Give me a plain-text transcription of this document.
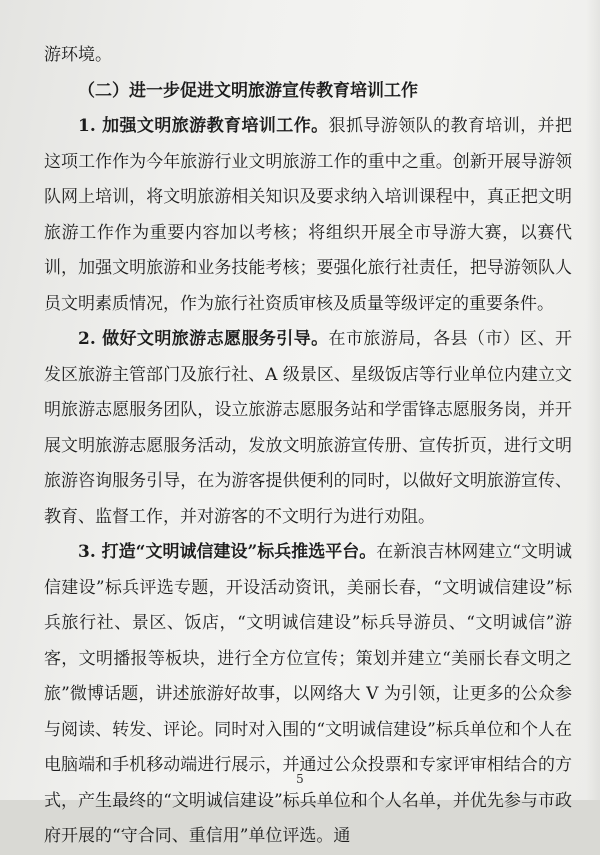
游环境。

（二）进一步促进文明旅游宣传教育培训工作

1. 加强文明旅游教育培训工作。狠抓导游领队的教育培训，并把这项工作作为今年旅游行业文明旅游工作的重中之重。创新开展导游领队网上培训，将文明旅游相关知识及要求纳入培训课程中，真正把文明旅游工作作为重要内容加以考核；将组织开展全市导游大赛，以赛代训，加强文明旅游和业务技能考核；要强化旅行社责任，把导游领队人员文明素质情况，作为旅行社资质审核及质量等级评定的重要条件。

2. 做好文明旅游志愿服务引导。在市旅游局，各县（市）区、开发区旅游主管部门及旅行社、A 级景区、星级饭店等行业单位内建立文明旅游志愿服务团队，设立旅游志愿服务站和学雷锋志愿服务岗，并开展文明旅游志愿服务活动，发放文明旅游宣传册、宣传折页，进行文明旅游咨询服务引导，在为游客提供便利的同时，以做好文明旅游宣传、教育、监督工作，并对游客的不文明行为进行劝阻。

3. 打造“文明诚信建设”标兵推选平台。在新浪吉林网建立“文明诚信建设”标兵评选专题，开设活动资讯，美丽长春，“文明诚信建设”标兵旅行社、景区、饭店，“文明诚信建设”标兵导游员、“文明诚信”游客，文明播报等板块，进行全方位宣传；策划并建立“美丽长春文明之旅”微博话题，讲述旅游好故事，以网络大 V 为引领，让更多的公众参与阅读、转发、评论。同时对入围的“文明诚信建设”标兵单位和个人在电脑端和手机移动端进行展示，并通过公众投票和专家评审相结合的方式，产生最终的“文明诚信建设”标兵单位和个人名单，并优先参与市政府开展的“守合同、重信用”单位评选。通

5
